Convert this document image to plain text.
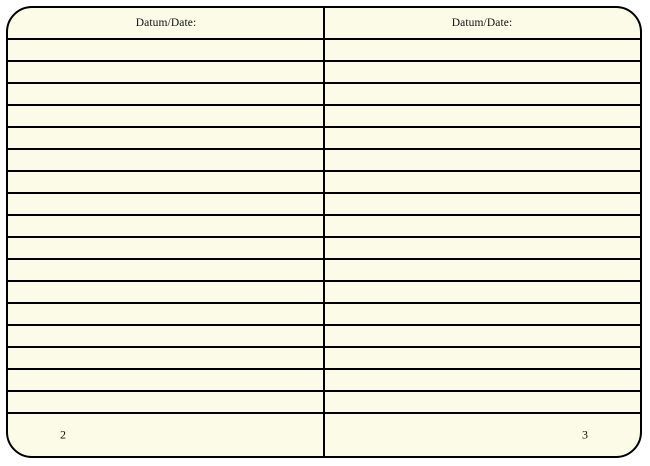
Datum/Date:	Datum/Date:
2	3
